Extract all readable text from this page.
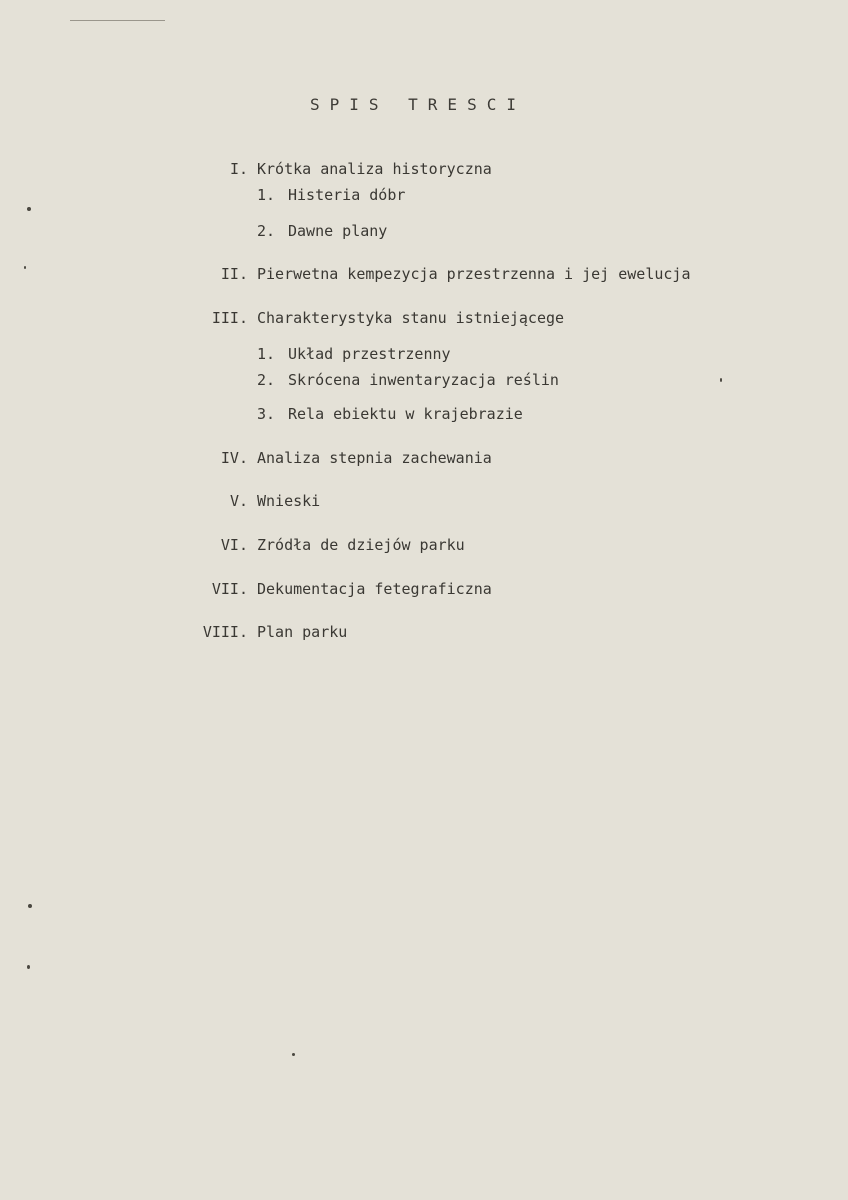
SPIS TRESCI
I. Krótka analiza historyczna
1. Histeria dóbr
2. Dawne plany
II. Pierwetna kempezycja przestrzenna i jej ewelucja
III. Charakterystyka stanu istniejącege
1. Układ przestrzenny
2. Skrócena inwentaryzacja reślin
3. Rela ebiektu w krajebrazie
IV. Analiza stepnia zachewania
V. Wnieski
VI. Zródła de dziejów parku
VII. Dekumentacja fetegraficzna
VIII. Plan parku
